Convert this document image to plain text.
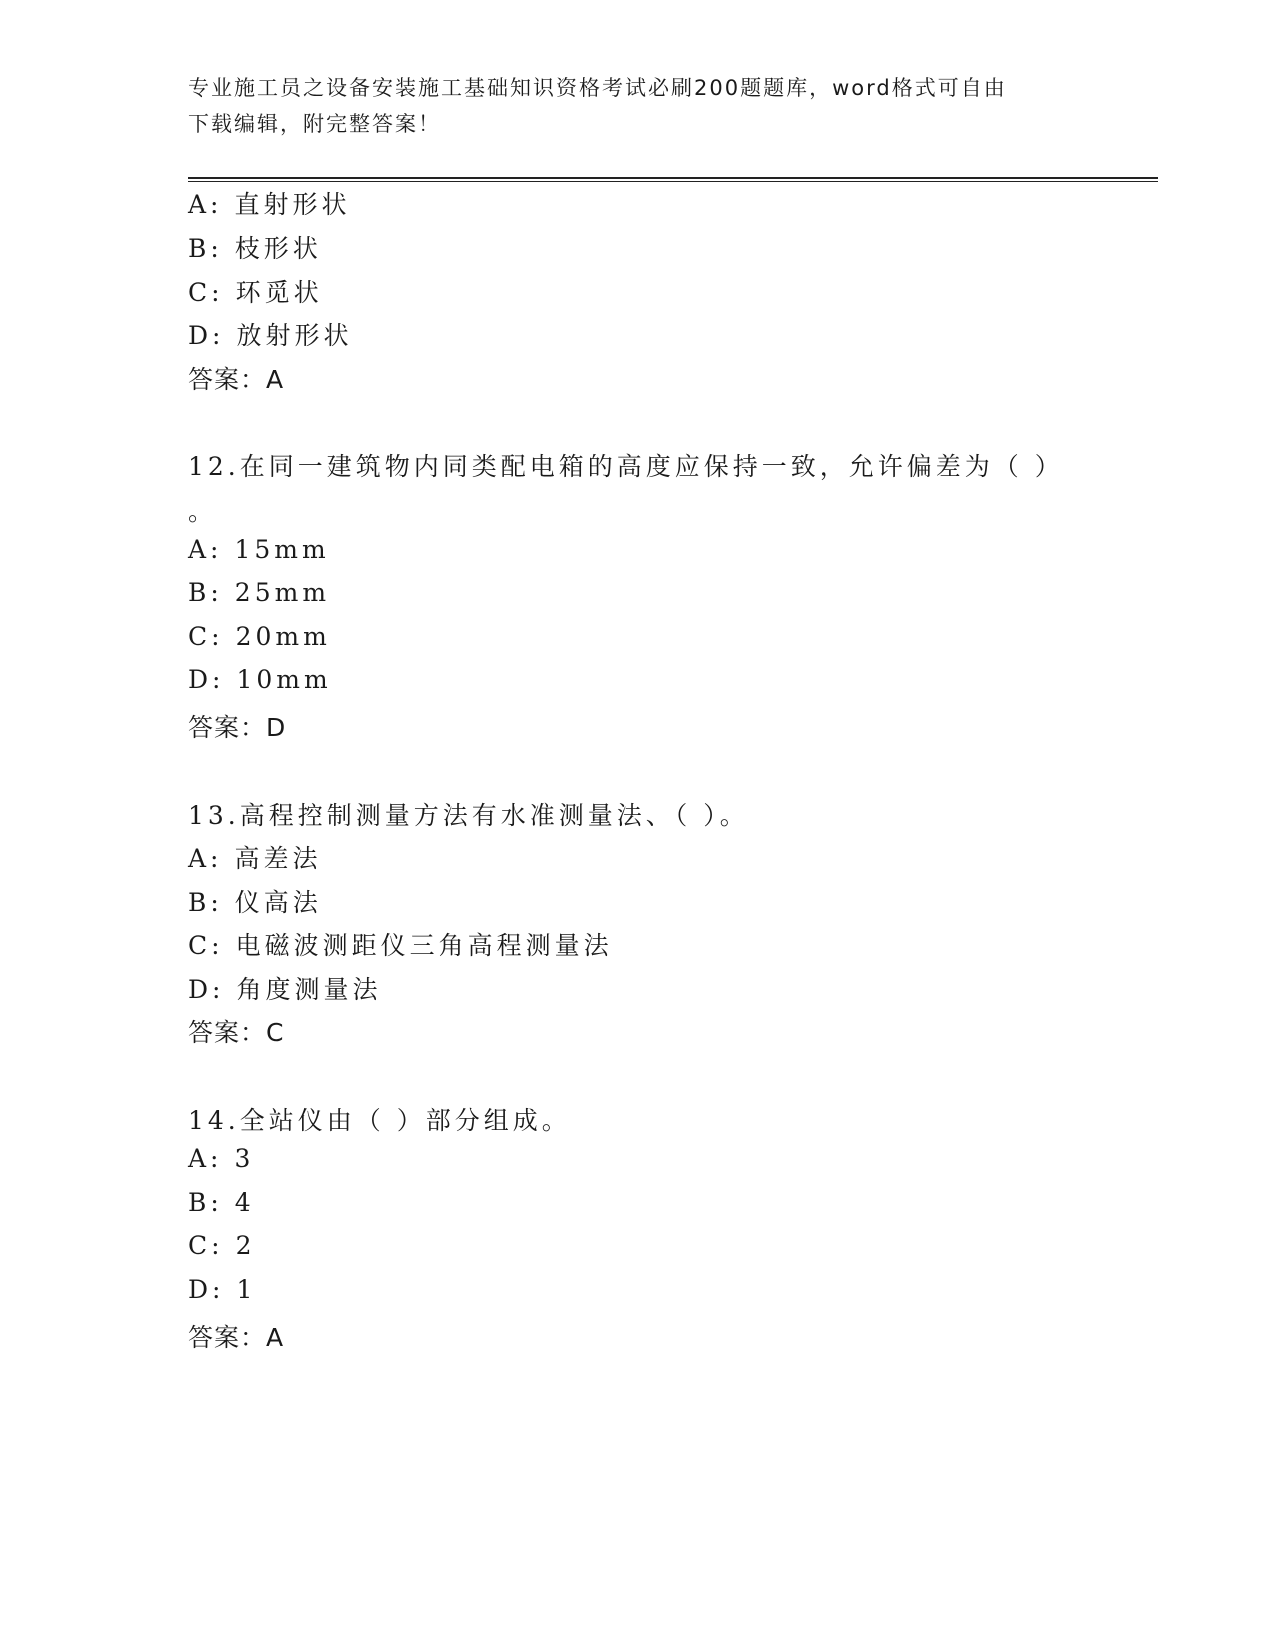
专业施工员之设备安装施工基础知识资格考试必刷200题题库，word格式可自由
下载编辑，附完整答案！
A: 直射形状
B: 枝形状
C: 环觅状
D: 放射形状
答案：A
12.在同一建筑物内同类配电箱的高度应保持一致，允许偏差为（ ）
。
A: 15mm
B: 25mm
C: 20mm
D: 10mm
答案：D
13.高程控制测量方法有水准测量法、（ ）。
A: 高差法
B: 仪高法
C: 电磁波测距仪三角高程测量法
D: 角度测量法
答案：C
14.全站仪由（ ）部分组成。
A: 3
B: 4
C: 2
D: 1
答案：A
